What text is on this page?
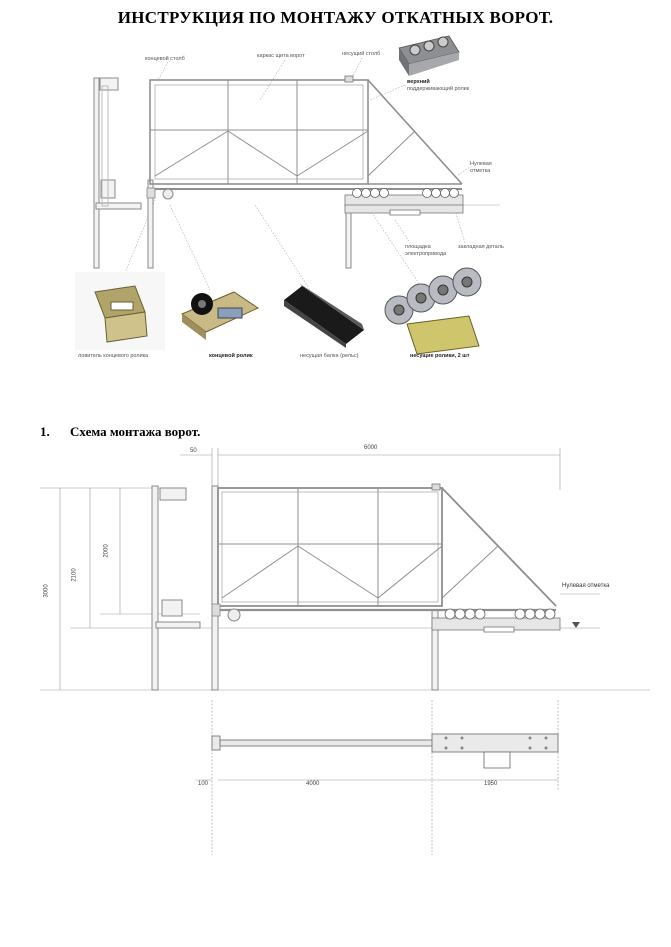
ИНСТРУКЦИЯ ПО МОНТАЖУ ОТКАТНЫХ ВОРОТ.
концевой столб	каркас щита ворот	несущий столб
верхний
поддерживающий ролик
Нулевая
отметка
площадка
электропривода
закладная деталь
ловитель концевого ролика	концевой ролик	несущая балка (рельс)	несущие ролики, 2 шт
1. Схема монтажа ворот.
50	6000
3000
2100
2000
Нулевая отметка
100	4000	1950
